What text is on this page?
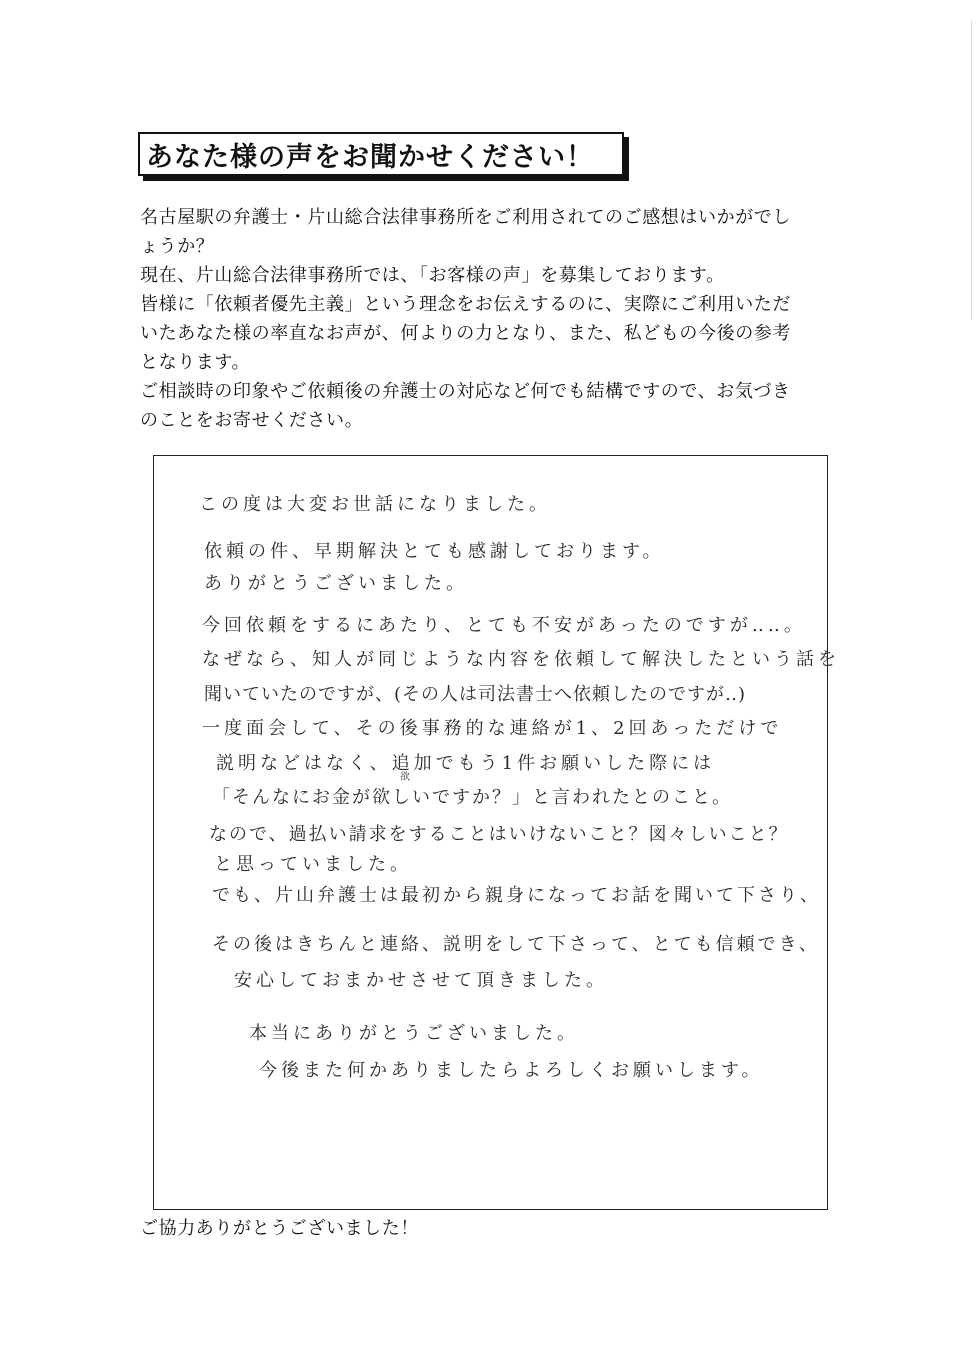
あなた様の声をお聞かせください！
名古屋駅の弁護士・片山総合法律事務所をご利用されてのご感想はいかがでし
ょうか？
現在、片山総合法律事務所では、「お客様の声」を募集しております。
皆様に「依頼者優先主義」という理念をお伝えするのに、実際にご利用いただ
いたあなた様の率直なお声が、何よりの力となり、また、私どもの今後の参考
となります。
ご相談時の印象やご依頼後の弁護士の対応など何でも結構ですので、お気づき
のことをお寄せください。
この度は大変お世話になりました。
依頼の件、早期解決とても感謝しております。
ありがとうございました。
今回依頼をするにあたり、とても不安があったのですが‥‥。
なぜなら、知人が同じような内容を依頼して解決したという話を
聞いていたのですが、(その人は司法書士へ依頼したのですが‥)
一度面会して、その後事務的な連絡が1、2回あっただけで
説明などはなく、追加でもう1件お願いした際には
欲
「そんなにお金が欲しいですか？」と言われたとのこと。
なので、過払い請求をすることはいけないこと？図々しいこと？
と思っていました。
でも、片山弁護士は最初から親身になってお話を聞いて下さり、
その後はきちんと連絡、説明をして下さって、とても信頼でき、
安心しておまかせさせて頂きました。
本当にありがとうございました。
今後また何かありましたらよろしくお願いします。
ご協力ありがとうございました！
